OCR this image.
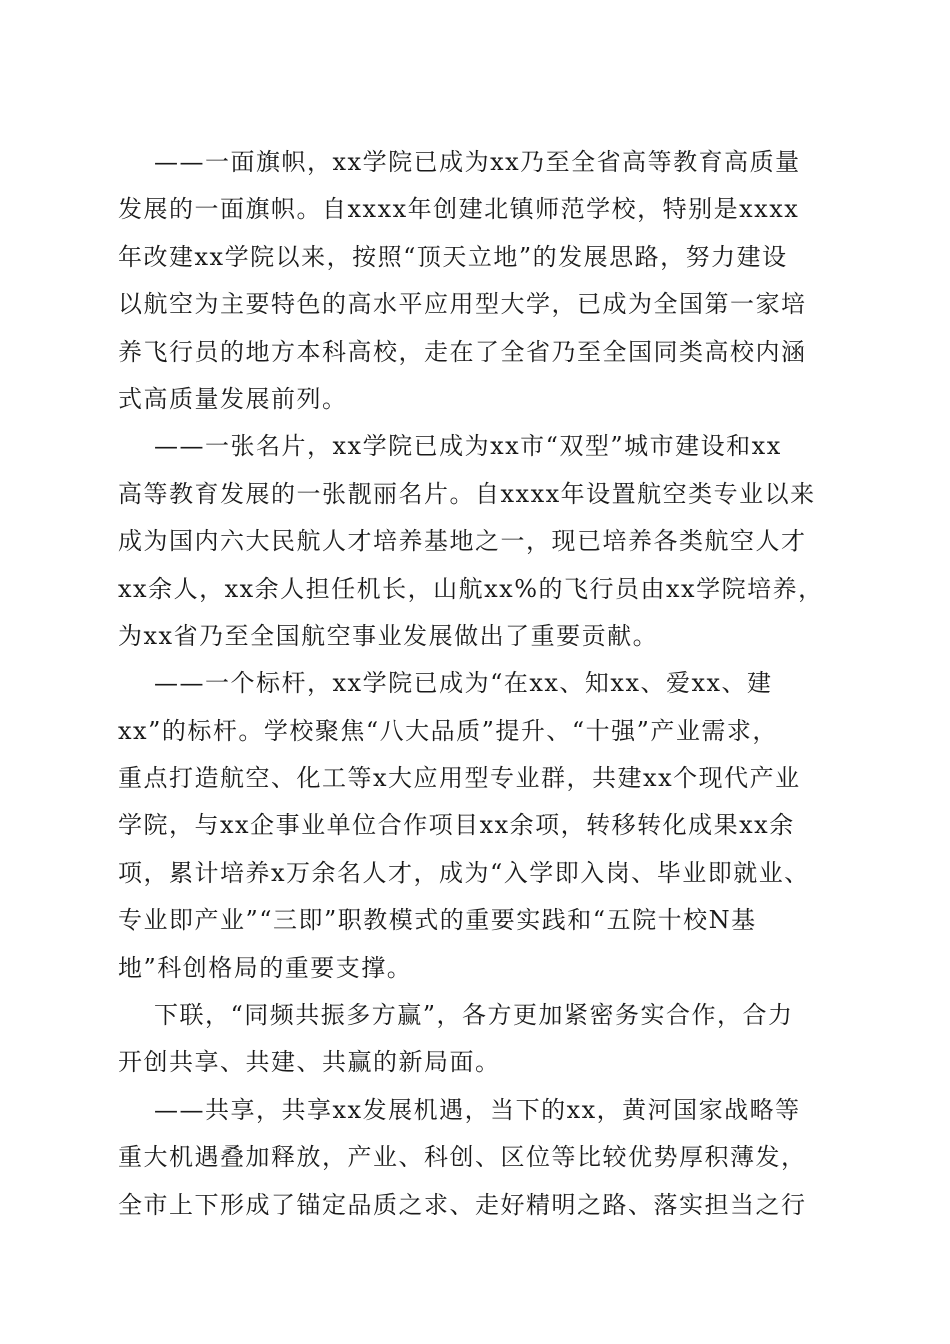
——一面旗帜，xx学院已成为xx乃至全省高等教育高质量
发展的一面旗帜。自xxxx年创建北镇师范学校，特别是xxxx
年改建xx学院以来，按照“顶天立地”的发展思路，努力建设
以航空为主要特色的高水平应用型大学，已成为全国第一家培
养飞行员的地方本科高校，走在了全省乃至全国同类高校内涵
式高质量发展前列。
——一张名片，xx学院已成为xx市“双型”城市建设和xx
高等教育发展的一张靓丽名片。自xxxx年设置航空类专业以来
成为国内六大民航人才培养基地之一，现已培养各类航空人才
xx余人，xx余人担任机长，山航xx%的飞行员由xx学院培养，
为xx省乃至全国航空事业发展做出了重要贡献。
——一个标杆，xx学院已成为“在xx、知xx、爱xx、建
xx”的标杆。学校聚焦“八大品质”提升、“十强”产业需求，
重点打造航空、化工等x大应用型专业群，共建xx个现代产业
学院，与xx企事业单位合作项目xx余项，转移转化成果xx余
项，累计培养x万余名人才，成为“入学即入岗、毕业即就业、
专业即产业”“三即”职教模式的重要实践和“五院十校N基
地”科创格局的重要支撑。
下联，“同频共振多方赢”，各方更加紧密务实合作，合力
开创共享、共建、共赢的新局面。
——共享，共享xx发展机遇，当下的xx，黄河国家战略等
重大机遇叠加释放，产业、科创、区位等比较优势厚积薄发，
全市上下形成了锚定品质之求、走好精明之路、落实担当之行
